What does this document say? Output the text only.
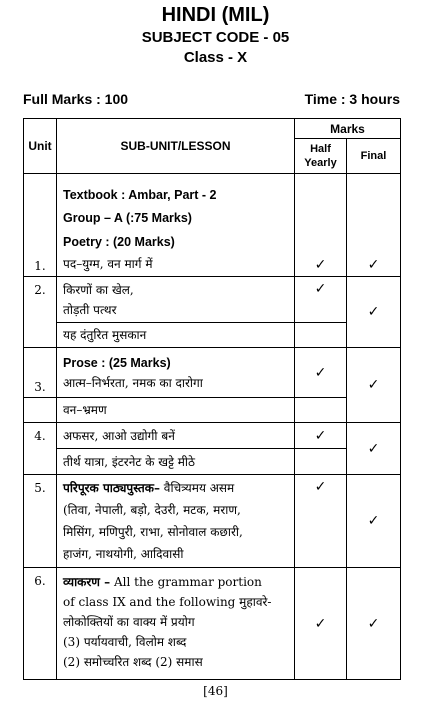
HINDI (MIL)
SUBJECT CODE - 05
Class - X
Full Marks : 100	Time : 3 hours
Unit	SUB-UNIT/LESSON	Marks	
		Half Yearly	Final
1.	Textbook : Ambar, Part - 2
Group – A (:75 Marks)
Poetry : (20 Marks)
पद–युग्म, वन मार्ग में	✓	✓
2.	किरणों का खेल,
तोड़ती पत्थर	✓	✓
	यह दंतुरित मुसकान		
3.	Prose : (25 Marks)
आत्म–निर्भरता, नमक का दारोगा	✓	✓
	वन–भ्रमण		
4.	अफसर, आओ उद्योगी बनें	✓	✓
	तीर्थ यात्रा, इंटरनेट के खट्टे मीठे		
5.	परिपूरक पाठ्यपुस्तक– वैचित्र्यमय असम
(तिवा, नेपाली, बड़ो, देउरी, मटक, मराण,
मिसिंग, मणिपुरी, राभा, सोनोवाल कछारी,
हाजंग, नाथयोगी, आदिवासी	✓	✓
6.	व्याकरण – All the grammar portion
of class IX and the following मुहावरे-
लोकोक्तियों का वाक्य में प्रयोग
(3) पर्यायवाची, विलोम शब्द
(2) समोच्चरित शब्द (2) समास	✓	✓
[46]
